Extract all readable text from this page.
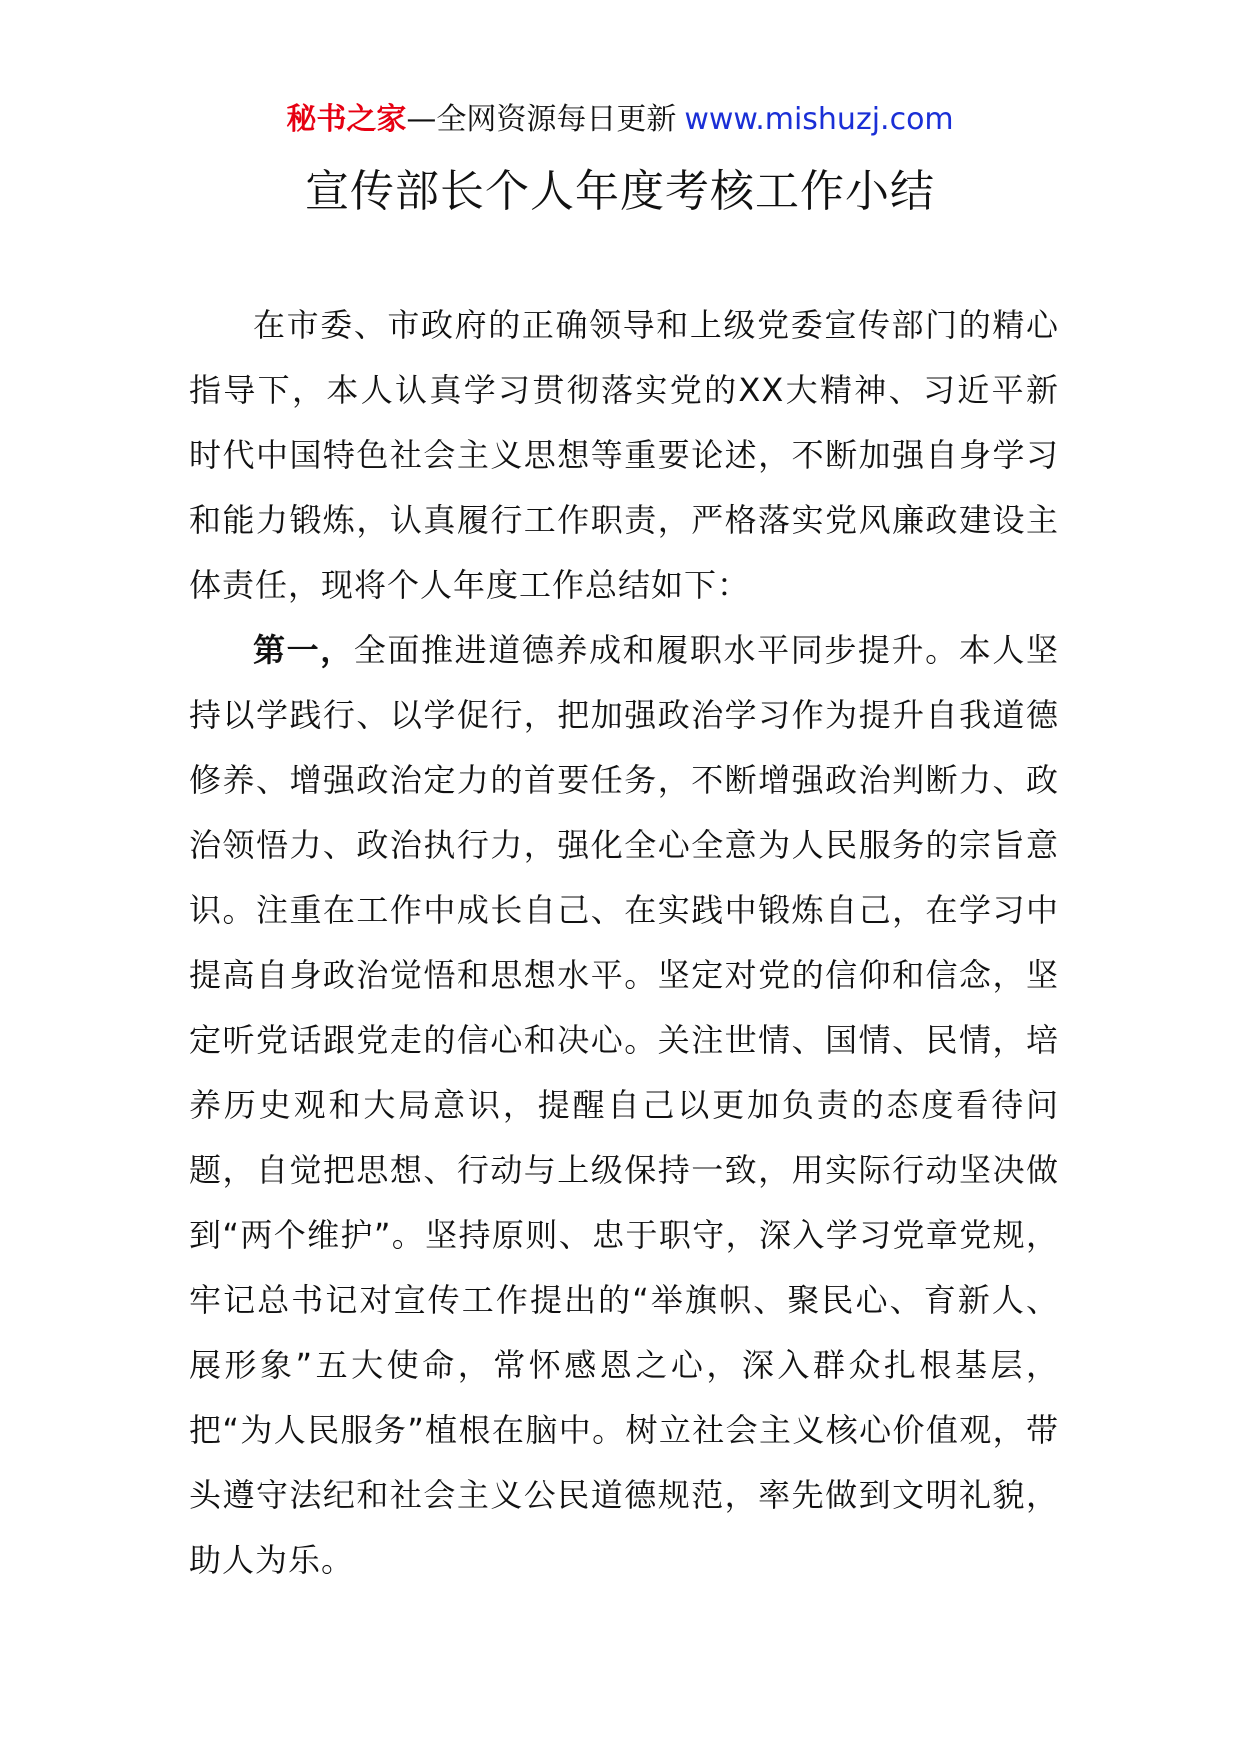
秘书之家—全网资源每日更新 www.mishuzj.com
宣传部长个人年度考核工作小结

在市委、市政府的正确领导和上级党委宣传部门的精心指导下，本人认真学习贯彻落实党的XX大精神、习近平新时代中国特色社会主义思想等重要论述，不断加强自身学习和能力锻炼，认真履行工作职责，严格落实党风廉政建设主体责任，现将个人年度工作总结如下：

第一，全面推进道德养成和履职水平同步提升。本人坚持以学践行、以学促行，把加强政治学习作为提升自我道德修养、增强政治定力的首要任务，不断增强政治判断力、政治领悟力、政治执行力，强化全心全意为人民服务的宗旨意识。注重在工作中成长自己、在实践中锻炼自己，在学习中提高自身政治觉悟和思想水平。坚定对党的信仰和信念，坚定听党话跟党走的信心和决心。关注世情、国情、民情，培养历史观和大局意识，提醒自己以更加负责的态度看待问题，自觉把思想、行动与上级保持一致，用实际行动坚决做到“两个维护”。坚持原则、忠于职守，深入学习党章党规，牢记总书记对宣传工作提出的“举旗帜、聚民心、育新人、展形象”五大使命，常怀感恩之心，深入群众扎根基层，把“为人民服务”植根在脑中。树立社会主义核心价值观，带头遵守法纪和社会主义公民道德规范，率先做到文明礼貌，助人为乐。
